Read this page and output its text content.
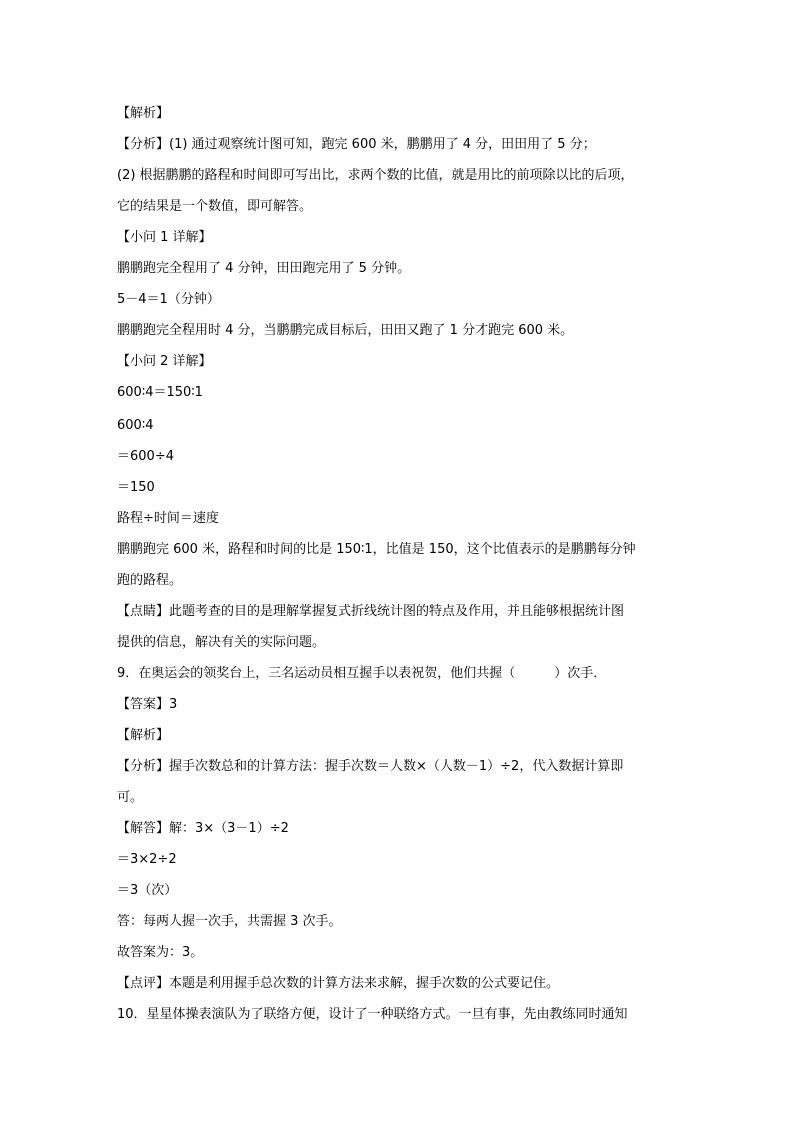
【解析】
【分析】(1) 通过观察统计图可知，跑完 600 米，鹏鹏用了 4 分，田田用了 5 分；
(2) 根据鹏鹏的路程和时间即可写出比，求两个数的比值，就是用比的前项除以比的后项，
它的结果是一个数值，即可解答。
【小问 1 详解】
鹏鹏跑完全程用了 4 分钟，田田跑完用了 5 分钟。
5－4＝1（分钟）
鹏鹏跑完全程用时 4 分，当鹏鹏完成目标后，田田又跑了 1 分才跑完 600 米。
【小问 2 详解】
600∶4＝150∶1
600∶4
＝600÷4
＝150
路程÷时间＝速度
鹏鹏跑完 600 米，路程和时间的比是 150∶1，比值是 150，这个比值表示的是鹏鹏每分钟
跑的路程。
【点睛】此题考查的目的是理解掌握复式折线统计图的特点及作用，并且能够根据统计图
提供的信息，解决有关的实际问题。
9．在奥运会的领奖台上，三名运动员相互握手以表祝贺，他们共握（　　　）次手．
【答案】3
【解析】
【分析】握手次数总和的计算方法：握手次数＝人数×（人数－1）÷2，代入数据计算即
可。
【解答】解：3×（3－1）÷2
＝3×2÷2
＝3（次）
答：每两人握一次手，共需握 3 次手。
故答案为：3。
【点评】本题是利用握手总次数的计算方法来求解，握手次数的公式要记住。
10．星星体操表演队为了联络方便，设计了一种联络方式。一旦有事，先由教练同时通知
